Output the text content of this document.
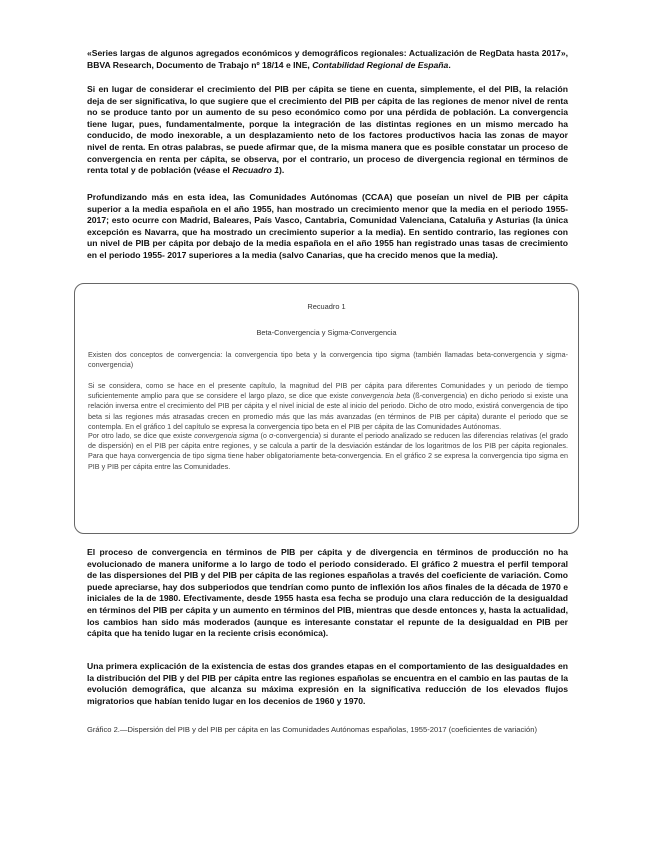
«Series largas de algunos agregados económicos y demográficos regionales: Actualización de RegData hasta 2017», BBVA Research, Documento de Trabajo nº 18/14 e INE, Contabilidad Regional de España.

Si en lugar de considerar el crecimiento del PIB per cápita se tiene en cuenta, simplemente, el del PIB, la relación deja de ser significativa, lo que sugiere que el crecimiento del PIB per cápita de las regiones de menor nivel de renta no se produce tanto por un aumento de su peso económico como por una pérdida de población. La convergencia tiene lugar, pues, fundamentalmente, porque la integración de las distintas regiones en un mismo mercado ha conducido, de modo inexorable, a un desplazamiento neto de los factores productivos hacia las zonas de mayor nivel de renta. En otras palabras, se puede afirmar que, de la misma manera que es posible constatar un proceso de convergencia en renta per cápita, se observa, por el contrario, un proceso de divergencia regional en términos de renta total y de población (véase el Recuadro 1).

Profundizando más en esta idea, las Comunidades Autónomas (CCAA) que poseían un nivel de PIB per cápita superior a la media española en el año 1955, han mostrado un crecimiento menor que la media en el periodo 1955-2017; esto ocurre con Madrid, Baleares, País Vasco, Cantabria, Comunidad Valenciana, Cataluña y Asturias (la única excepción es Navarra, que ha mostrado un crecimiento superior a la media). En sentido contrario, las regiones con un nivel de PIB per cápita por debajo de la media española en el año 1955 han registrado unas tasas de crecimiento en el periodo 1955- 2017 superiores a la media (salvo Canarias, que ha crecido menos que la media).

Recuadro 1
Beta-Convergencia y Sigma-Convergencia

Existen dos conceptos de convergencia: la convergencia tipo beta y la convergencia tipo sigma (también llamadas beta-convergencia y sigma-convergencia)

Si se considera, como se hace en el presente capítulo, la magnitud del PIB per cápita para diferentes Comunidades y un periodo de tiempo suficientemente amplio para que se considere el largo plazo, se dice que existe convergencia beta (ß-convergencia) en dicho periodo si existe una relación inversa entre el crecimiento del PIB per cápita y el nivel inicial de este al inicio del periodo. Dicho de otro modo, existirá convergencia de tipo beta si las regiones más atrasadas crecen en promedio más que las más avanzadas (en términos de PIB per cápita) durante el periodo que se contempla. En el gráfico 1 del capítulo se expresa la convergencia tipo beta en el PIB per cápita de las Comunidades Autónomas.

Por otro lado, se dice que existe convergencia sigma (o σ-convergencia) si durante el periodo analizado se reducen las diferencias relativas (el grado de dispersión) en el PIB per cápita entre regiones, y se calcula a partir de la desviación estándar de los logaritmos de los PIB per cápita regionales. Para que haya convergencia de tipo sigma tiene haber obligatoriamente beta-convergencia. En el gráfico 2 se expresa la convergencia tipo sigma en PIB y PIB per cápita entre las Comunidades.

El proceso de convergencia en términos de PIB per cápita y de divergencia en términos de producción no ha evolucionado de manera uniforme a lo largo de todo el periodo considerado. El gráfico 2 muestra el perfil temporal de las dispersiones del PIB y del PIB per cápita de las regiones españolas a través del coeficiente de variación. Como puede apreciarse, hay dos subperiodos que tendrían como punto de inflexión los años finales de la década de 1970 e iniciales de la de 1980. Efectivamente, desde 1955 hasta esa fecha se produjo una clara reducción de la desigualdad en términos del PIB per cápita y un aumento en términos del PIB, mientras que desde entonces y, hasta la actualidad, los cambios han sido más moderados (aunque es interesante constatar el repunte de la desigualdad en PIB per cápita que ha tenido lugar en la reciente crisis económica).

Una primera explicación de la existencia de estas dos grandes etapas en el comportamiento de las desigualdades en la distribución del PIB y del PIB per cápita entre las regiones españolas se encuentra en el cambio en las pautas de la evolución demográfica, que alcanza su máxima expresión en la significativa reducción de los elevados flujos migratorios que habían tenido lugar en los decenios de 1960 y 1970.

Gráfico 2.—Dispersión del PIB y del PIB per cápita en las Comunidades Autónomas españolas, 1955-2017 (coeficientes de variación)
